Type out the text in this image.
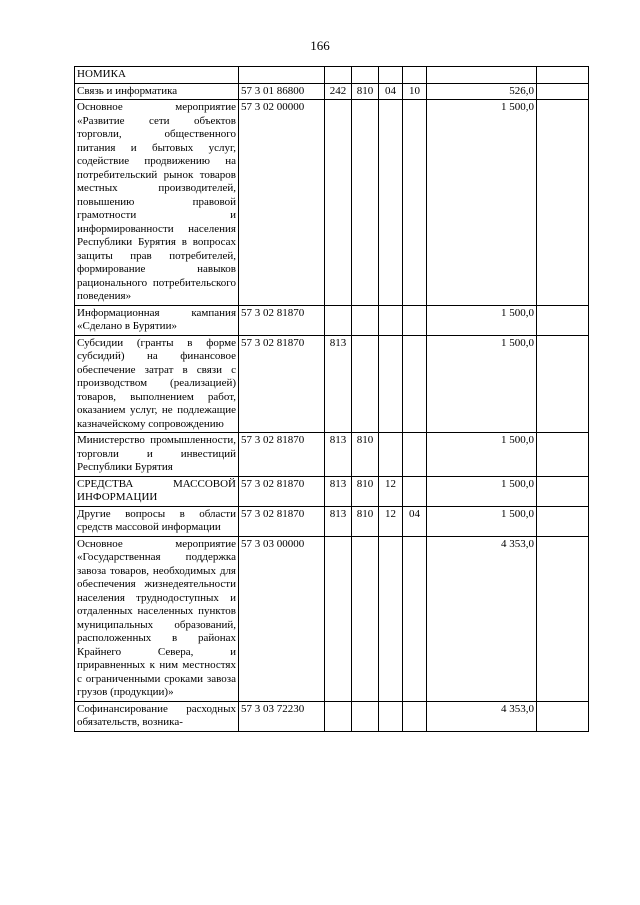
166
НОМИКА							
Связь и информатика	57 3 01 86800	242	810	04	10	526,0	
Основное мероприятие «Развитие сети объектов торговли, общественного питания и бытовых услуг, содействие продвижению на потребительский рынок товаров местных производителей, повышению правовой грамотности и информированности населения Республики Бурятия в вопросах защиты прав потребителей, формирование навыков рационального потребительского поведения»	57 3 02 00000					1 500,0	
Информационная кампания «Сделано в Бурятии»	57 3 02 81870					1 500,0	
Субсидии (гранты в форме субсидий) на финансовое обеспечение затрат в связи с производством (реализацией) товаров, выполнением работ, оказанием услуг, не подлежащие казначейскому сопровождению	57 3 02 81870	813				1 500,0	
Министерство промышленности, торговли и инвестиций Республики Бурятия	57 3 02 81870	813	810			1 500,0	
СРЕДСТВА МАССОВОЙ ИНФОРМАЦИИ	57 3 02 81870	813	810	12		1 500,0	
Другие вопросы в области средств массовой информации	57 3 02 81870	813	810	12	04	1 500,0	
Основное мероприятие «Государственная поддержка завоза товаров, необходимых для обеспечения жизнедеятельности населения труднодоступных и отдаленных населенных пунктов муниципальных образований, расположенных в районах Крайнего Севера, и приравненных к ним местностях с ограниченными сроками завоза грузов (продукции)»	57 3 03 00000					4 353,0	
Софинансирование расходных обязательств, возника-	57 3 03 72230					4 353,0	
